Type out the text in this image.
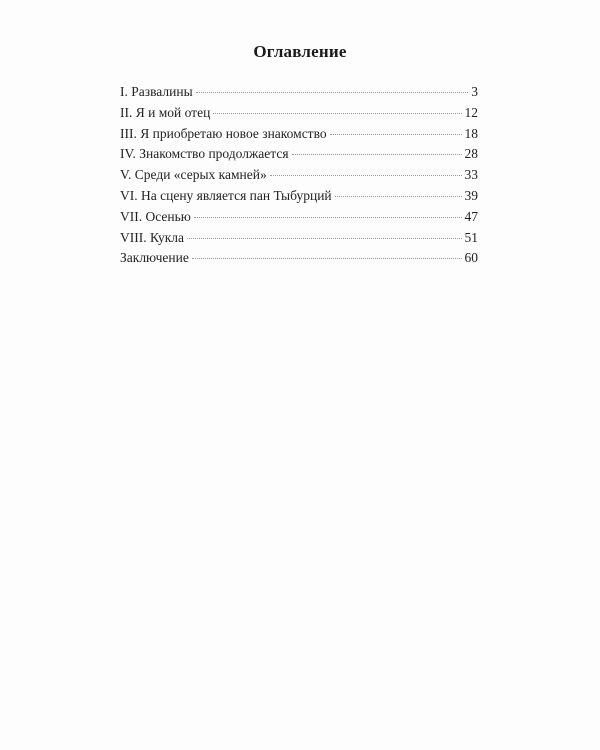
Оглавление
I. Развалины	3
II. Я и мой отец	12
III. Я приобретаю новое знакомство	18
IV. Знакомство продолжается	28
V. Среди «серых камней»	33
VI. На сцену является пан Тыбурций	39
VII. Осенью	47
VIII. Кукла	51
Заключение	60
